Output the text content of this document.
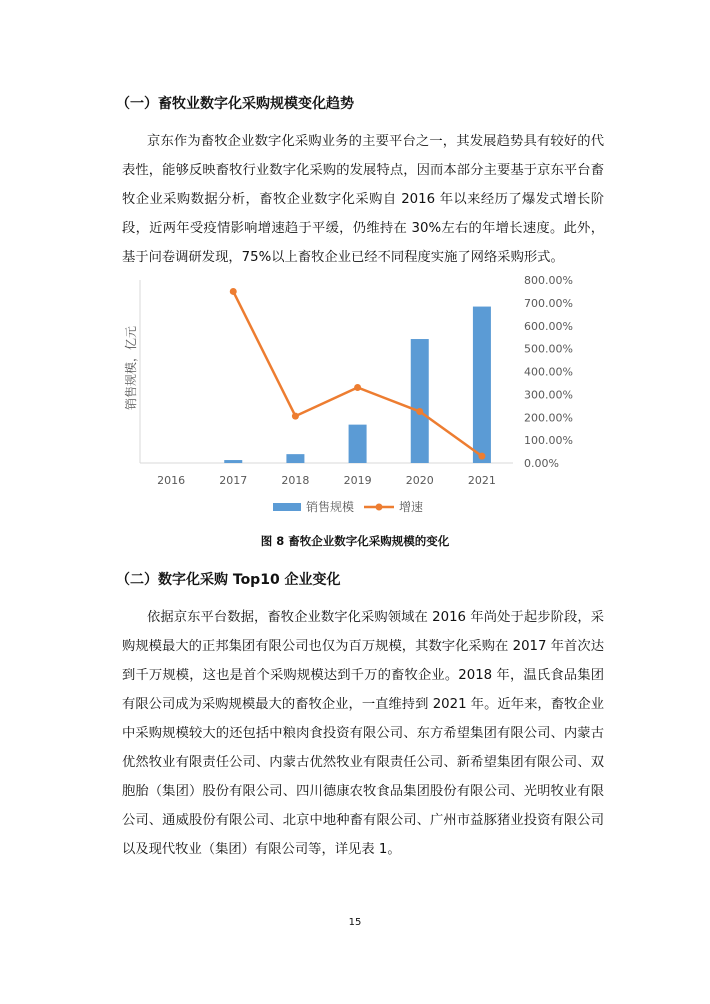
（一）畜牧业数字化采购规模变化趋势

京东作为畜牧企业数字化采购业务的主要平台之一，其发展趋势具有较好的代表性，能够反映畜牧行业数字化采购的发展特点，因而本部分主要基于京东平台畜牧企业采购数据分析，畜牧企业数字化采购自 2016 年以来经历了爆发式增长阶段，近两年受疫情影响增速趋于平缓，仍维持在 30%左右的年增长速度。此外，基于问卷调研发现，75%以上畜牧企业已经不同程度实施了网络采购形式。

2016	2017	2018	2019	2020	2021
0.00%
100.00%
200.00%
300.00%
400.00%
500.00%
600.00%
700.00%
800.00%
销售规模，亿元
销售规模	增速

图 8 畜牧企业数字化采购规模的变化

（二）数字化采购 Top10 企业变化

依据京东平台数据，畜牧企业数字化采购领域在 2016 年尚处于起步阶段，采购规模最大的正邦集团有限公司也仅为百万规模，其数字化采购在 2017 年首次达到千万规模，这也是首个采购规模达到千万的畜牧企业。2018 年，温氏食品集团有限公司成为采购规模最大的畜牧企业，一直维持到 2021 年。近年来，畜牧企业中采购规模较大的还包括中粮肉食投资有限公司、东方希望集团有限公司、内蒙古优然牧业有限责任公司、内蒙古优然牧业有限责任公司、新希望集团有限公司、双胞胎（集团）股份有限公司、四川德康农牧食品集团股份有限公司、光明牧业有限公司、通威股份有限公司、北京中地种畜有限公司、广州市益豚猪业投资有限公司以及现代牧业（集团）有限公司等，详见表 1。

15
